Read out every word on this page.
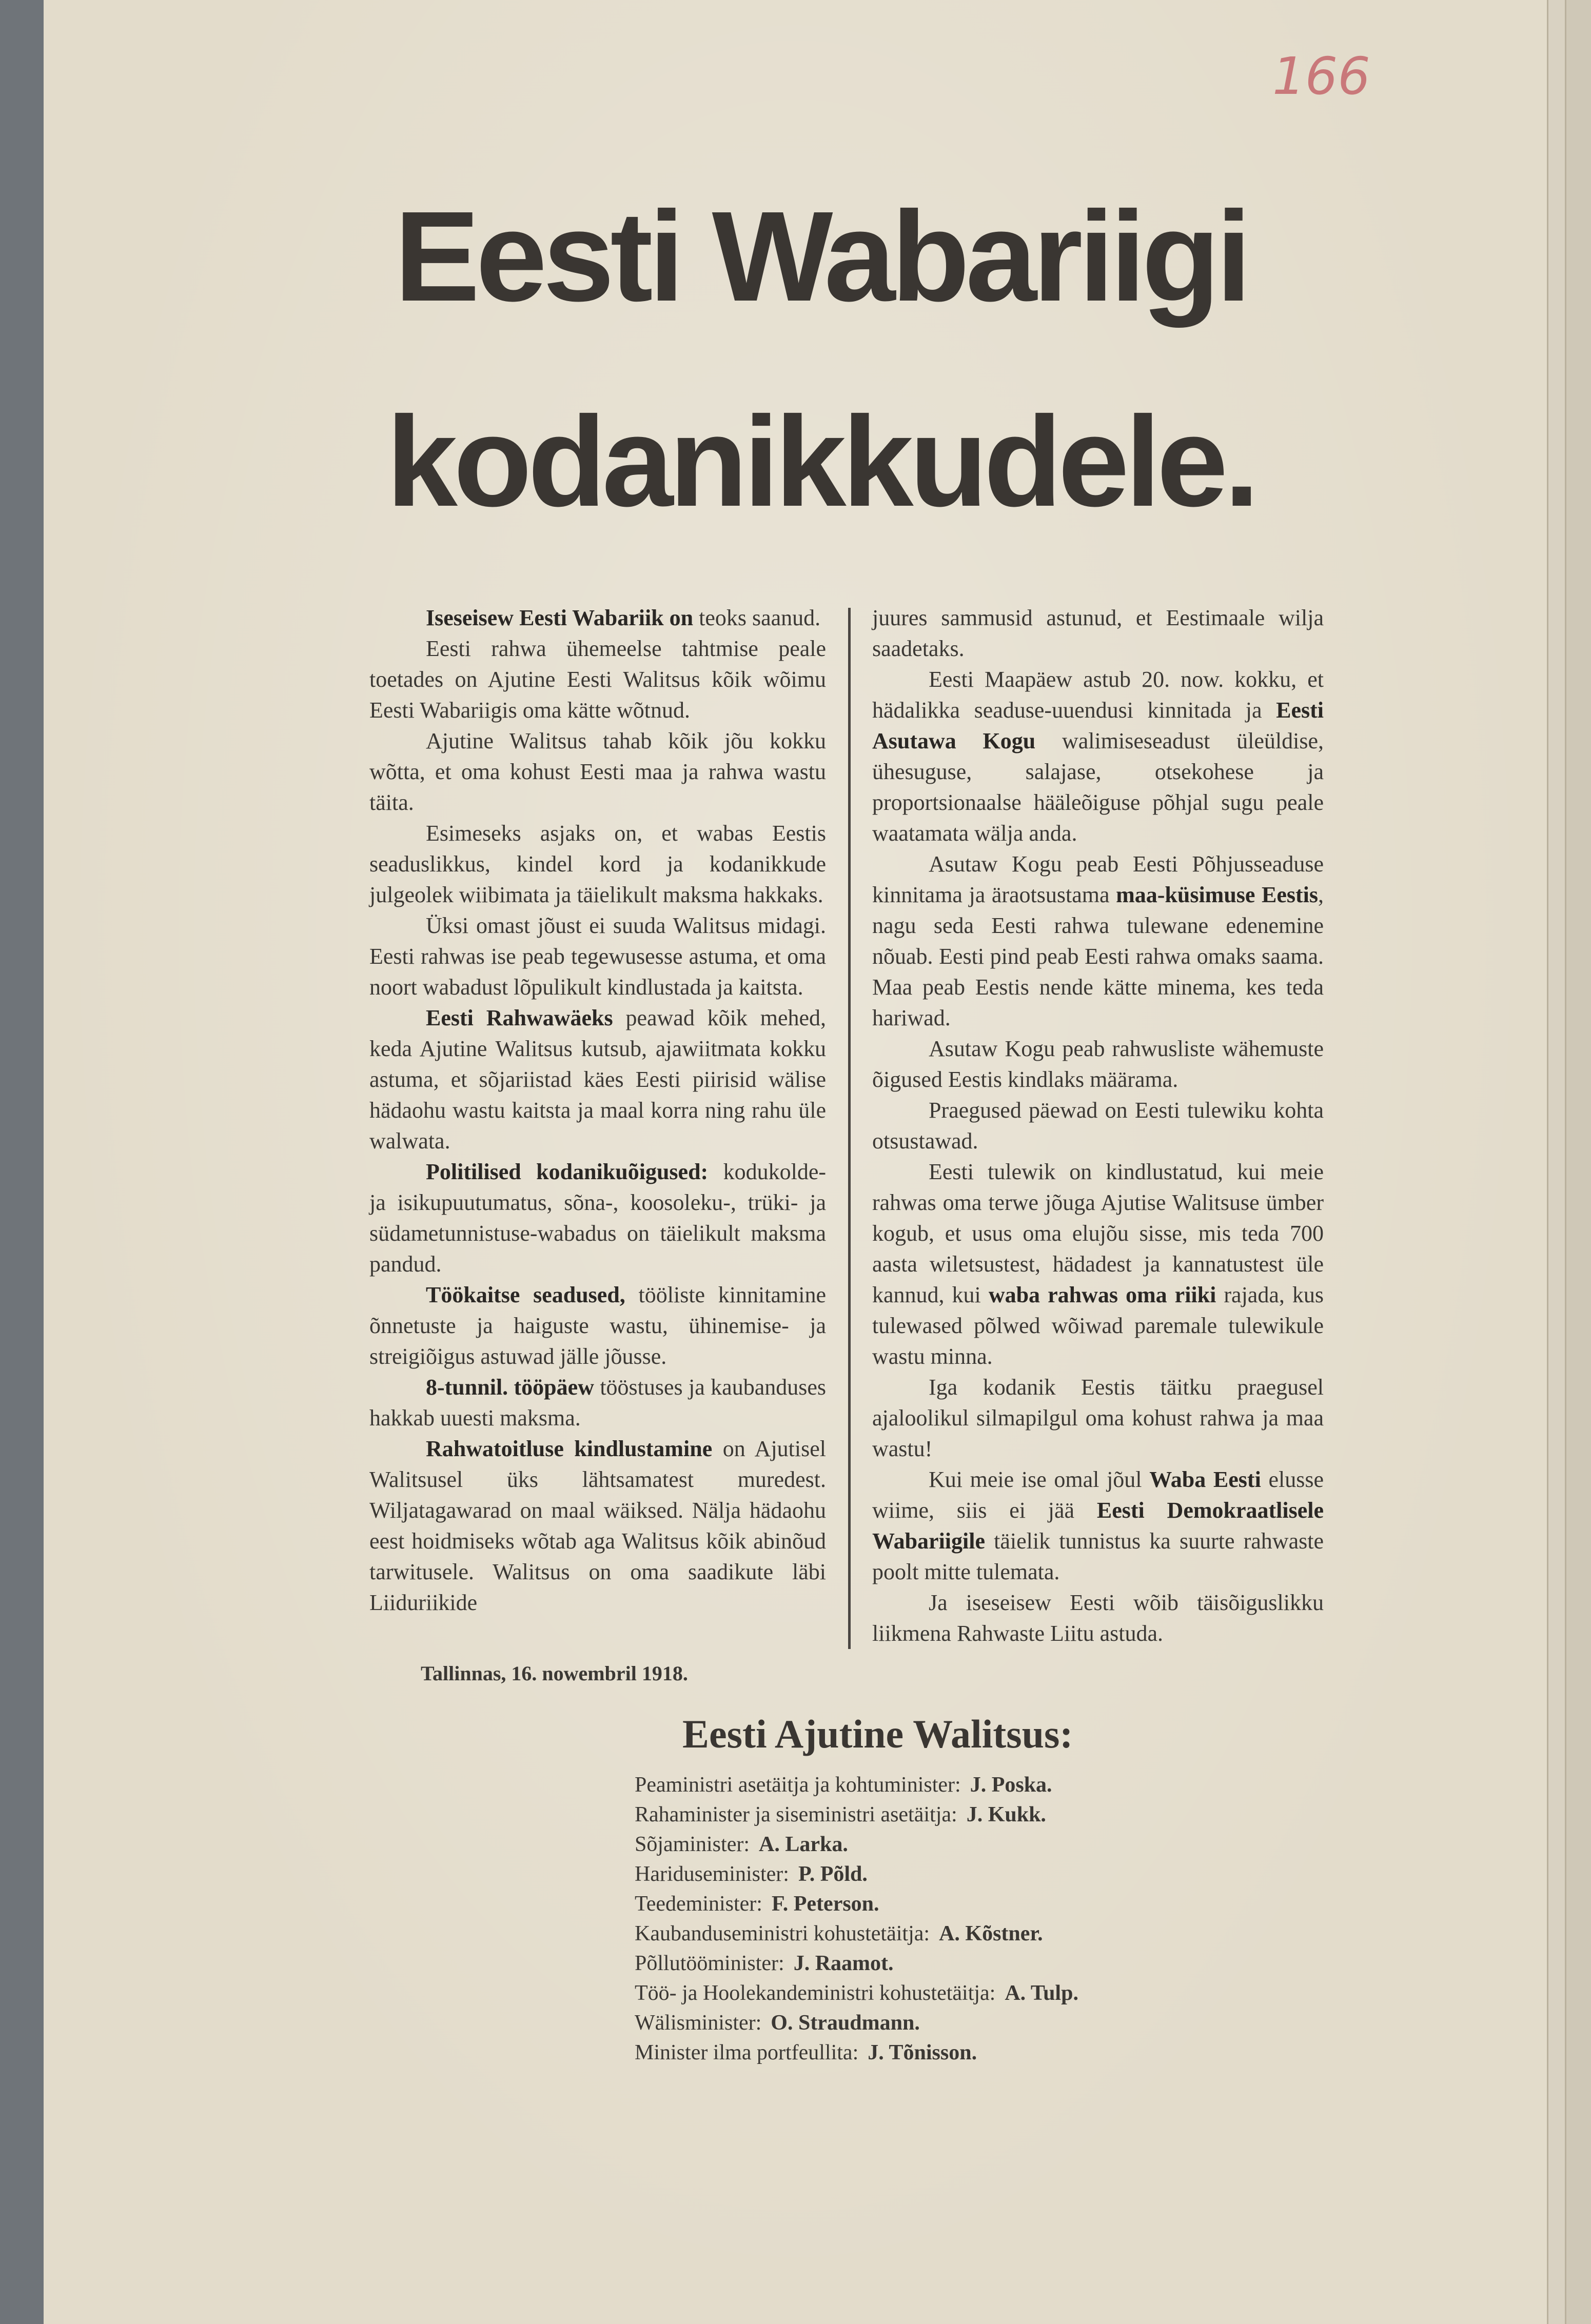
166
Eesti Wabariigi
kodanikkudele.

Iseseisew Eesti Wabariik on teoks saanud.

Eesti rahwa ühemeelse tahtmise peale toetades on Ajutine Eesti Walitsus kõik wõimu Eesti Wabariigis oma kätte wõtnud.

Ajutine Walitsus tahab kõik jõu kokku wõtta, et oma kohust Eesti maa ja rahwa wastu täita.

Esimeseks asjaks on, et wabas Eestis seaduslikkus, kindel kord ja kodanikkude julgeolek wiibimata ja täielikult maksma hakkaks.

Üksi omast jõust ei suuda Walitsus midagi. Eesti rahwas ise peab tegewusesse astuma, et oma noort wabadust lõpulikult kindlustada ja kaitsta.

Eesti Rahwawäeks peawad kõik mehed, keda Ajutine Walitsus kutsub, ajawiitmata kokku astuma, et sõjariistad käes Eesti piirisid wälise hädaohu wastu kaitsta ja maal korra ning rahu üle walwata.

Politilised kodanikuõigused: kodukolde- ja isikupuutumatus, sõna-, koosoleku-, trüki- ja südametunnistuse-wabadus on täielikult maksma pandud.

Töökaitse seadused, tööliste kinnitamine õnnetuste ja haiguste wastu, ühinemise- ja streigiõigus astuwad jälle jõusse.

8-tunnil. tööpäew tööstuses ja kaubanduses hakkab uuesti maksma.

Rahwatoitluse kindlustamine on Ajutisel Walitsusel üks lähtsamatest muredest. Wiljatagawarad on maal wäiksed. Nälja hädaohu eest hoidmiseks wõtab aga Walitsus kõik abinõud tarwitusele. Walitsus on oma saadikute läbi Liiduriikide

juures sammusid astunud, et Eestimaale wilja saadetaks.

Eesti Maapäew astub 20. now. kokku, et hädalikka seaduse-uuendusi kinnitada ja Eesti Asutawa Kogu walimiseseadust üleüldise, ühesuguse, salajase, otsekohese ja proportsionaalse hääleõiguse põhjal sugu peale waatamata wälja anda.

Asutaw Kogu peab Eesti Põhjusseaduse kinnitama ja äraotsustama maa-küsimuse Eestis, nagu seda Eesti rahwa tulewane edenemine nõuab. Eesti pind peab Eesti rahwa omaks saama. Maa peab Eestis nende kätte minema, kes teda hariwad.

Asutaw Kogu peab rahwusliste wähemuste õigused Eestis kindlaks määrama.

Praegused päewad on Eesti tulewiku kohta otsustawad.

Eesti tulewik on kindlustatud, kui meie rahwas oma terwe jõuga Ajutise Walitsuse ümber kogub, et usus oma elujõu sisse, mis teda 700 aasta wiletsustest, hädadest ja kannatustest üle kannud, kui waba rahwas oma riiki rajada, kus tulewased põlwed wõiwad paremale tulewikule wastu minna.

Iga kodanik Eestis täitku praegusel ajaloolikul silmapilgul oma kohust rahwa ja maa wastu!

Kui meie ise omal jõul Waba Eesti elusse wiime, siis ei jää Eesti Demokraatlisele Wabariigile täielik tunnistus ka suurte rahwaste poolt mitte tulemata.

Ja iseseisew Eesti wõib täisõiguslikku liikmena Rahwaste Liitu astuda.

Tallinnas, 16. nowembril 1918.
Eesti Ajutine Walitsus:
Peaministri asetäitja ja kohtuminister: J. Poska.
Rahaminister ja siseministri asetäitja: J. Kukk.
Sõjaminister: A. Larka.
Hariduseminister: P. Põld.
Teedeminister: F. Peterson.
Kaubanduseministri kohustetäitja: A. Kõstner.
Põllutööminister: J. Raamot.
Töö- ja Hoolekandeministri kohustetäitja: A. Tulp.
Wälisminister: O. Straudmann.
Minister ilma portfeullita: J. Tõnisson.
